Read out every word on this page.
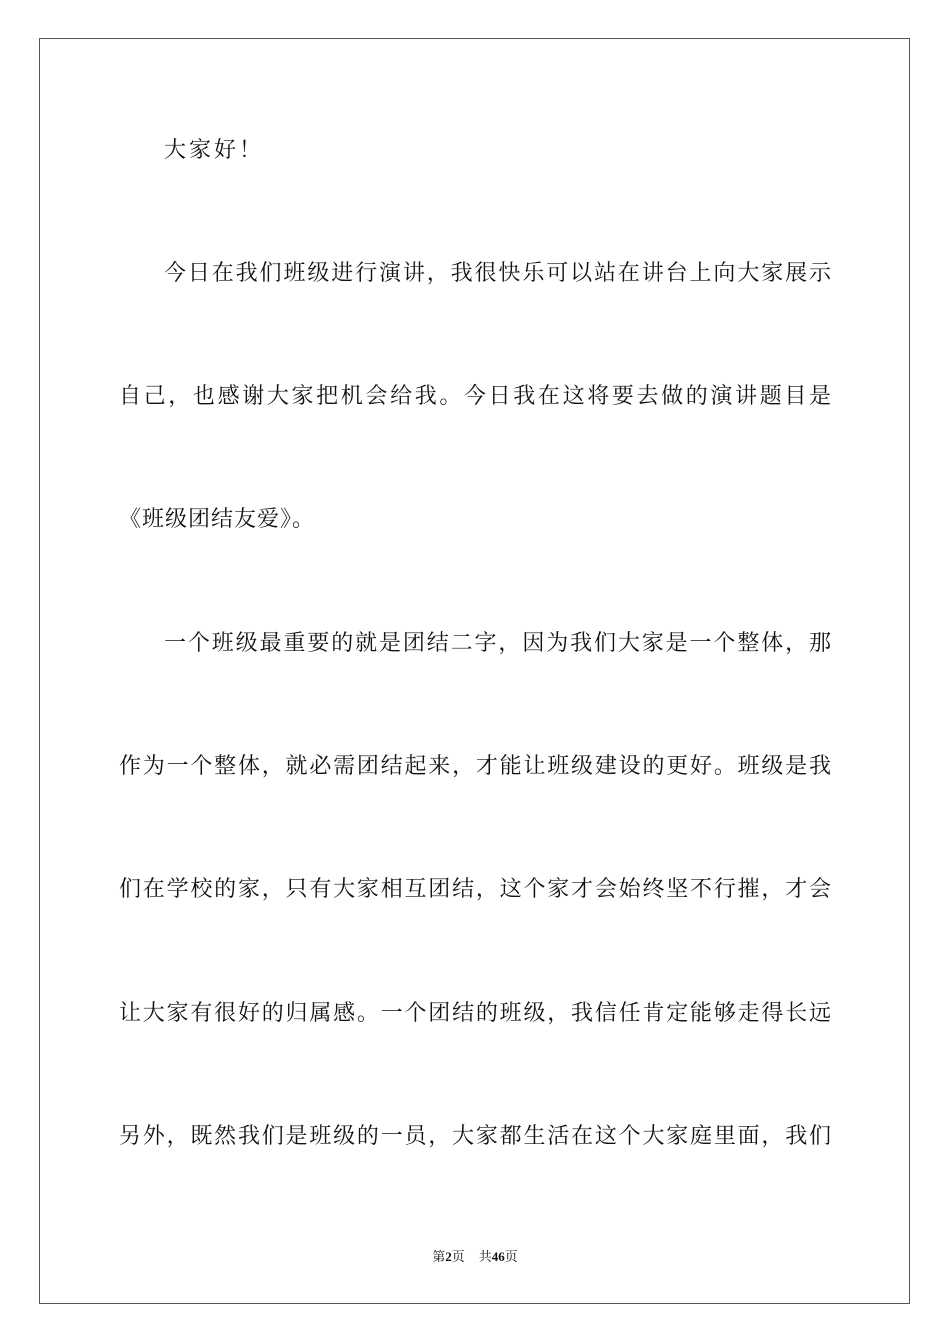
大家好！
今日在我们班级进行演讲，我很快乐可以站在讲台上向大家展示
自己，也感谢大家把机会给我。今日我在这将要去做的演讲题目是
《班级团结友爱》。
一个班级最重要的就是团结二字，因为我们大家是一个整体，那
作为一个整体，就必需团结起来，才能让班级建设的更好。班级是我
们在学校的家，只有大家相互团结，这个家才会始终坚不行摧，才会
让大家有很好的归属感。一个团结的班级，我信任肯定能够走得长远
另外，既然我们是班级的一员，大家都生活在这个大家庭里面，我们
第2页 共46页
